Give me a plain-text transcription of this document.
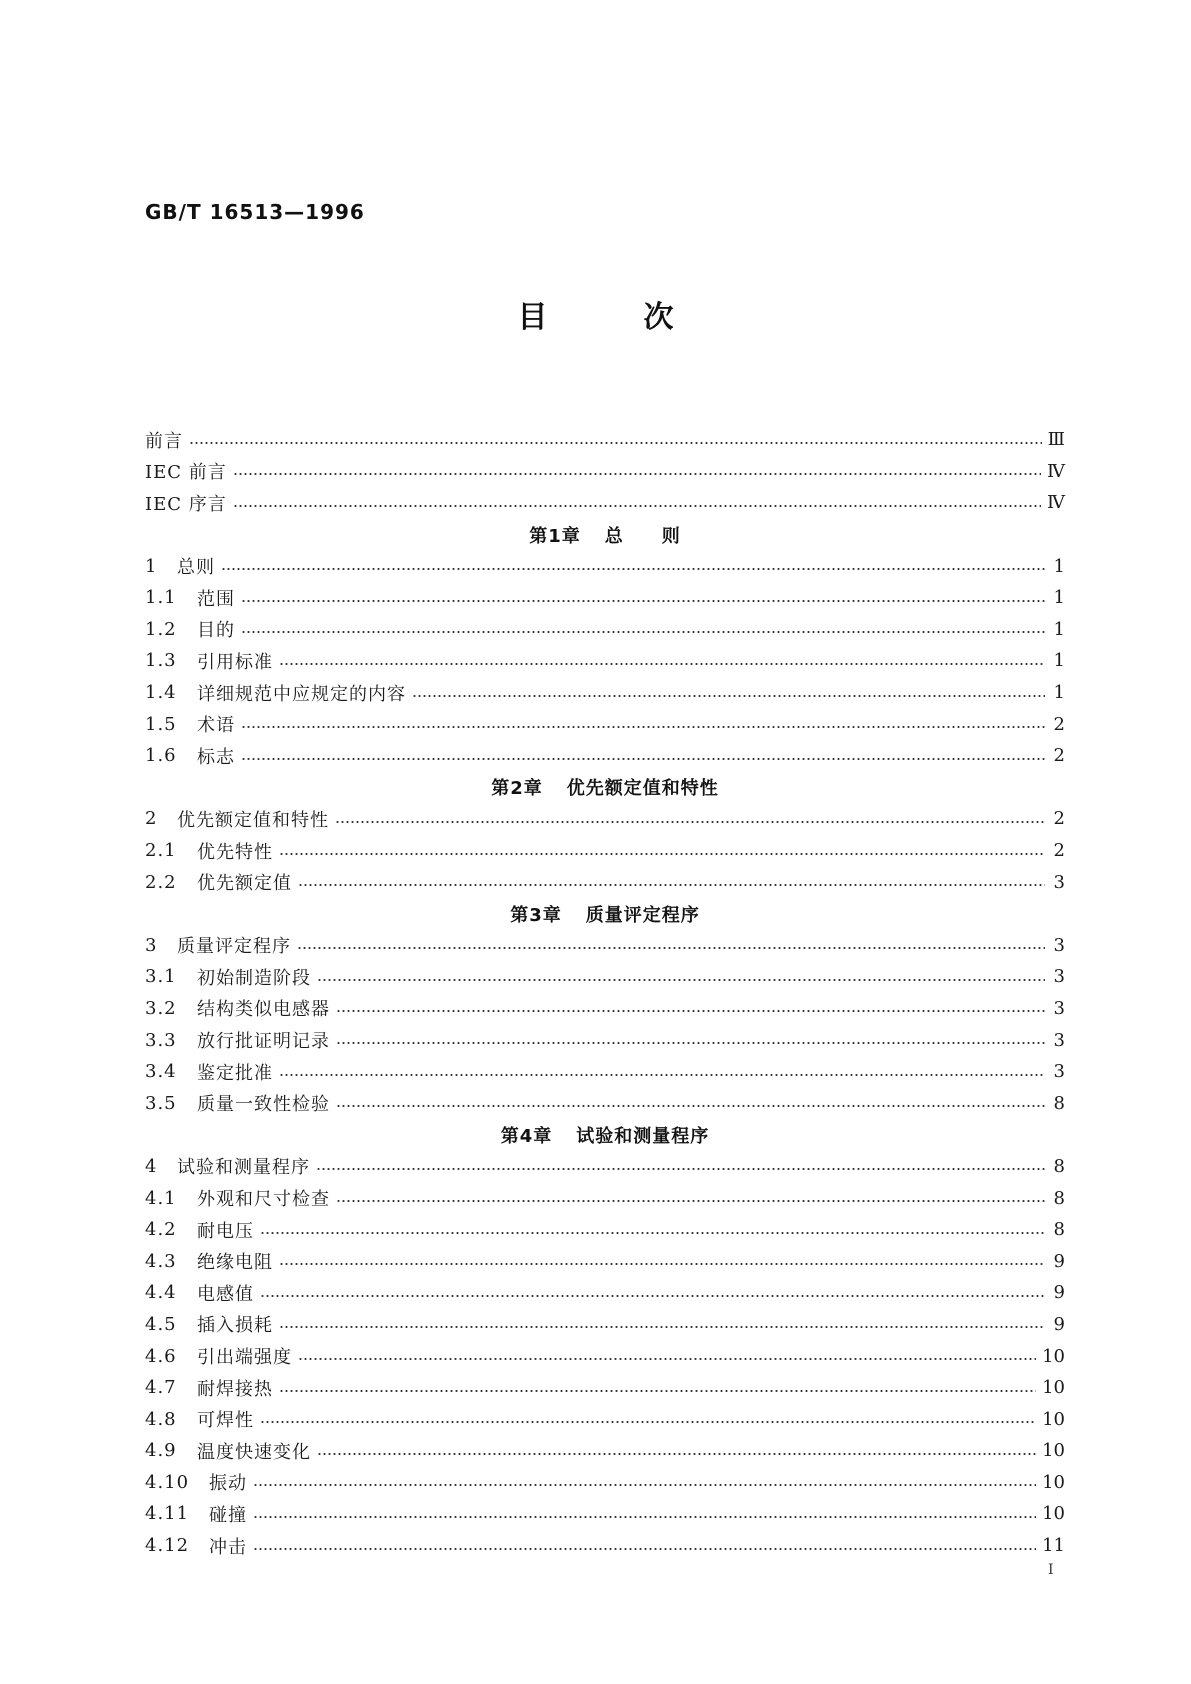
GB/T 16513—1996
目	次
前言	Ⅲ
IEC 前言	Ⅳ
IEC 序言	Ⅳ
第1章 总　　则
1	总则	1
1.1	范围	1
1.2	目的	1
1.3	引用标准	1
1.4	详细规范中应规定的内容	1
1.5	术语	2
1.6	标志	2
第2章 优先额定值和特性
2	优先额定值和特性	2
2.1	优先特性	2
2.2	优先额定值	3
第3章 质量评定程序
3	质量评定程序	3
3.1	初始制造阶段	3
3.2	结构类似电感器	3
3.3	放行批证明记录	3
3.4	鉴定批准	3
3.5	质量一致性检验	8
第4章 试验和测量程序
4	试验和测量程序	8
4.1	外观和尺寸检查	8
4.2	耐电压	8
4.3	绝缘电阻	9
4.4	电感值	9
4.5	插入损耗	9
4.6	引出端强度	10
4.7	耐焊接热	10
4.8	可焊性	10
4.9	温度快速变化	10
4.10	振动	10
4.11	碰撞	10
4.12	冲击	11
Ⅰ
